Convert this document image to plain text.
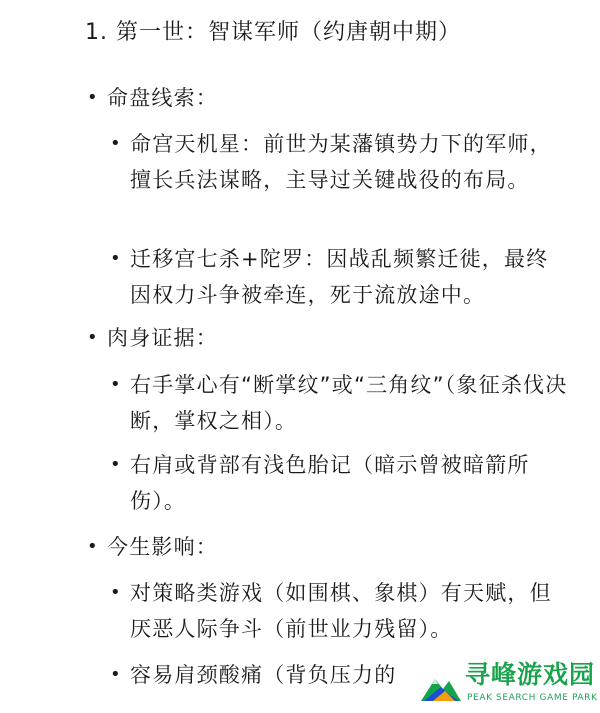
1. 第一世：智谋军师（约唐朝中期）
• 命盘线索：
• 命宫天机星：前世为某藩镇势力下的军师，擅长兵法谋略，主导过关键战役的布局。
• 迁移宫七杀+陀罗：因战乱频繁迁徙，最终因权力斗争被牵连，死于流放途中。
• 肉身证据：
• 右手掌心有“断掌纹”或“三角纹”（象征杀伐决断，掌权之相）。
• 右肩或背部有浅色胎记（暗示曾被暗箭所伤）。
• 今生影响：
• 对策略类游戏（如围棋、象棋）有天赋，但厌恶人际争斗（前世业力残留）。
• 容易肩颈酸痛（背负压力的	寻峰游戏园
PEAK SEARCH GAME PARK
